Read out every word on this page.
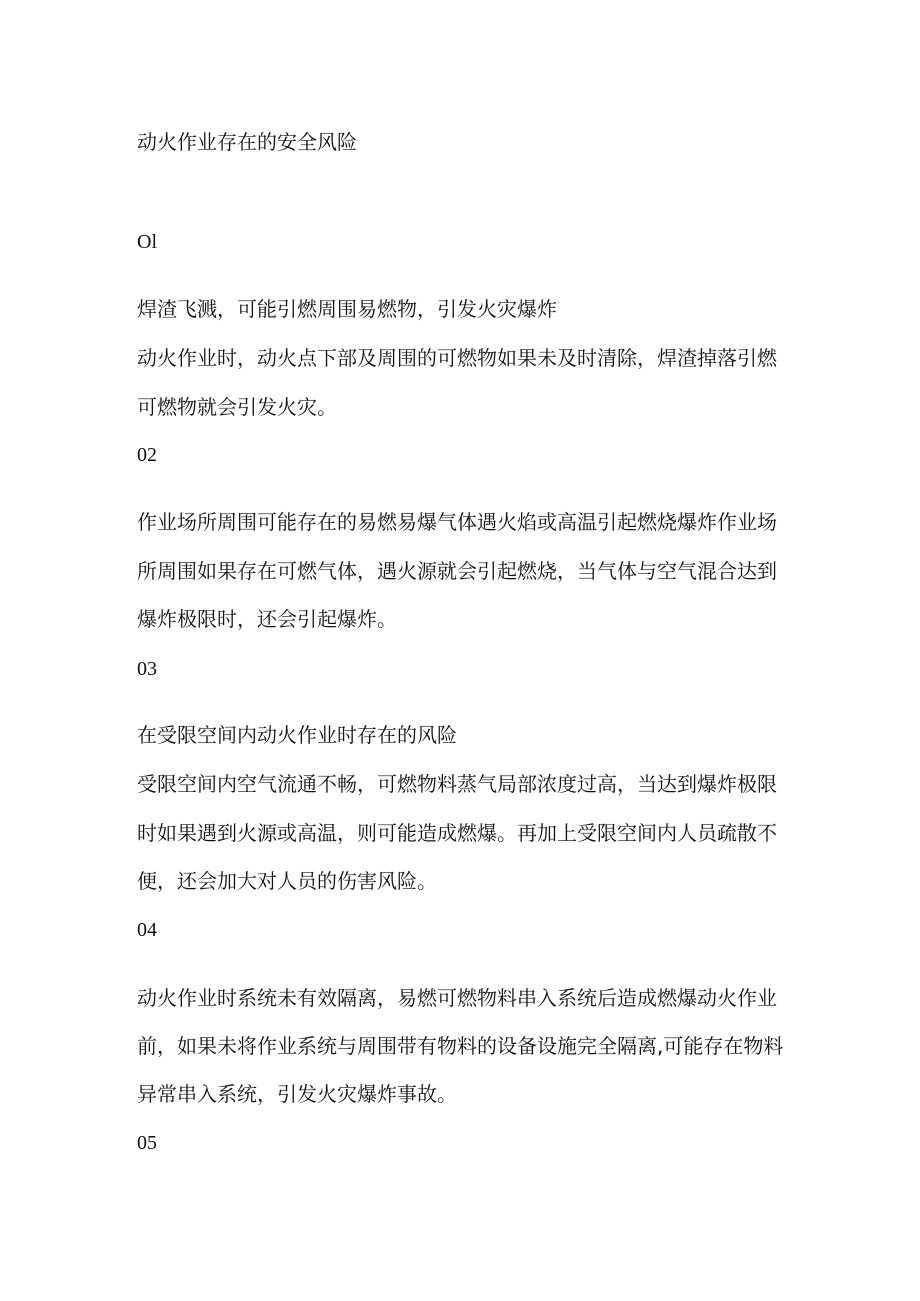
动火作业存在的安全风险
Ol
焊渣飞溅，可能引燃周围易燃物，引发火灾爆炸
动火作业时，动火点下部及周围的可燃物如果未及时清除，焊渣掉落引燃
可燃物就会引发火灾。
02
作业场所周围可能存在的易燃易爆气体遇火焰或高温引起燃烧爆炸作业场
所周围如果存在可燃气体，遇火源就会引起燃烧，当气体与空气混合达到
爆炸极限时，还会引起爆炸。
03
在受限空间内动火作业时存在的风险
受限空间内空气流通不畅，可燃物料蒸气局部浓度过高，当达到爆炸极限
时如果遇到火源或高温，则可能造成燃爆。再加上受限空间内人员疏散不
便，还会加大对人员的伤害风险。
04
动火作业时系统未有效隔离，易燃可燃物料串入系统后造成燃爆动火作业
前，如果未将作业系统与周围带有物料的设备设施完全隔离,可能存在物料
异常串入系统，引发火灾爆炸事故。
05
